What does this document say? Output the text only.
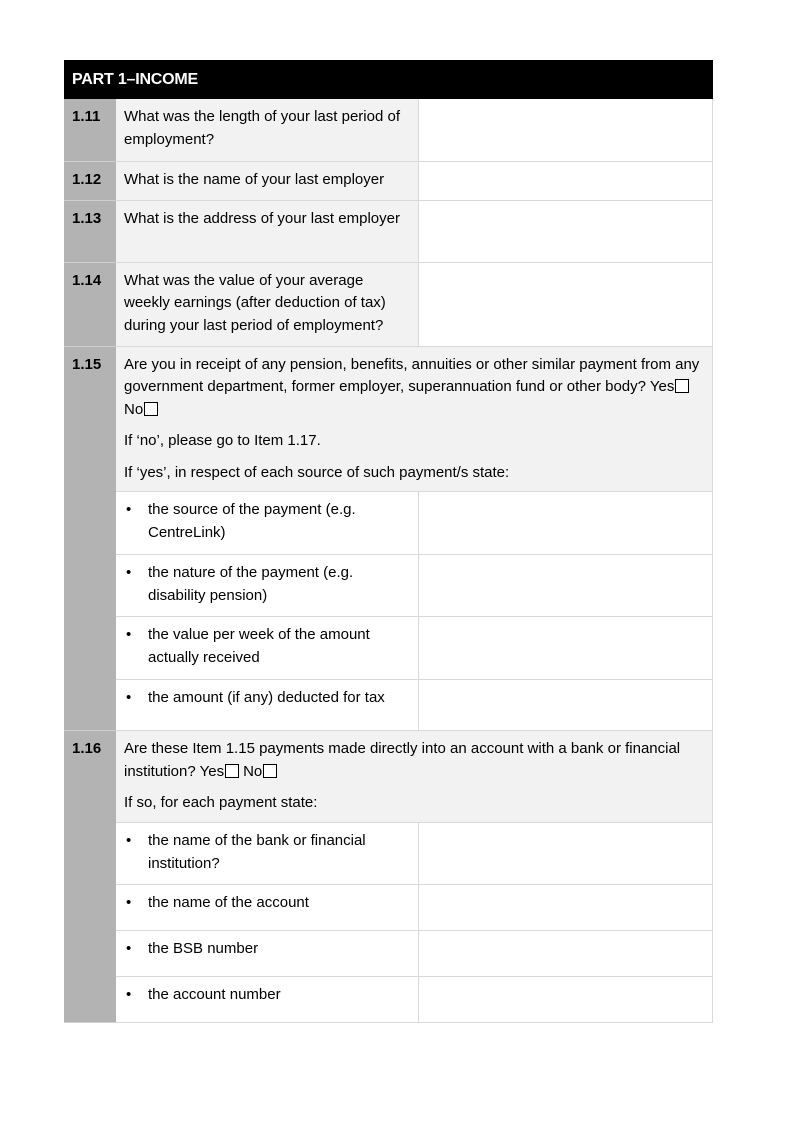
PART 1–INCOME
1.11	What was the length of your last period of employment?	
1.12	What is the name of your last employer	
1.13	What is the address of your last employer	
1.14	What was the value of your average weekly earnings (after deduction of tax) during your last period of employment?	
1.15	Are you in receipt of any pension, benefits, annuities or other similar payment from any government department, former employer, superannuation fund or other body? YesNo
If ‘no’, please go to Item 1.17.
If ‘yes’, in respect of each source of such payment/s state:	

	• the source of the payment (e.g. CentreLink)	

	• the nature of the payment (e.g. disability pension)	

	• the value per week of the amount actually received	

	• the amount (if any) deducted for tax	

1.16	Are these Item 1.15 payments made directly into an account with a bank or financial institution? Yes No
If so, for each payment state:	

	• the name of the bank or financial institution?	

	• the name of the account	

	• the BSB number	

	• the account number	
